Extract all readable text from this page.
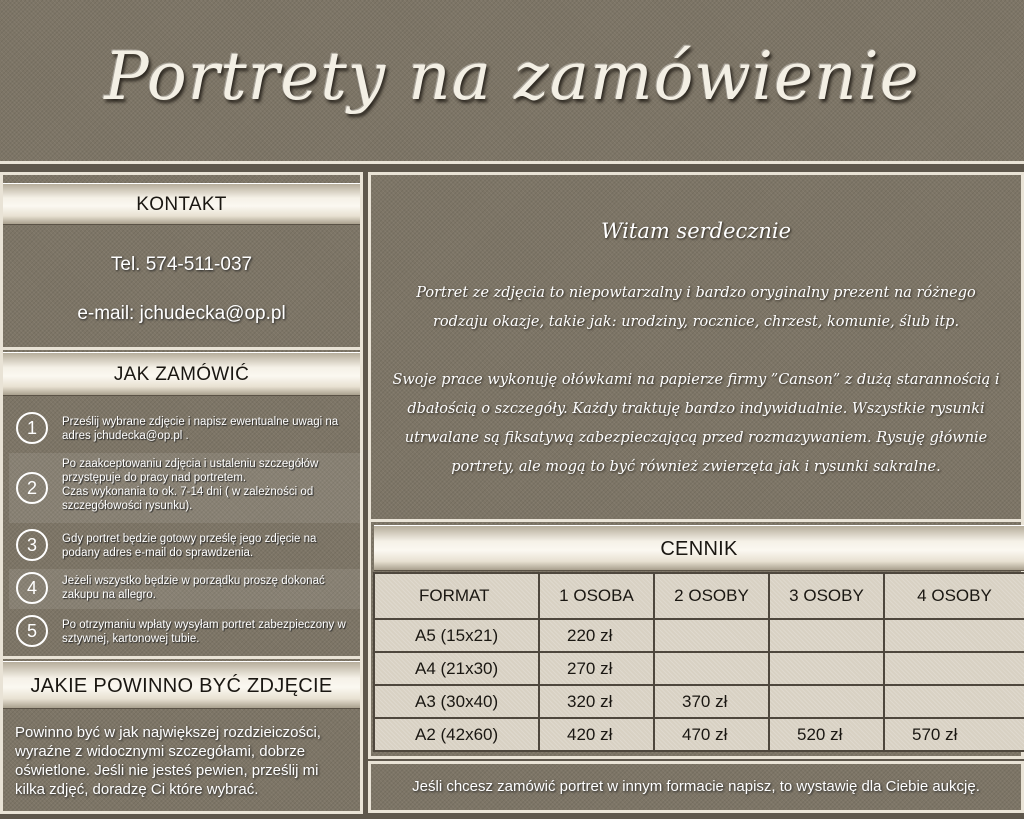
Portrety na zamówienie
KONTAKT
Tel. 574-511-037
e-mail: jchudecka@op.pl
JAK ZAMÓWIĆ
1	Prześlij wybrane zdjęcie i napisz ewentualne uwagi na adres jchudecka@op.pl .
2
Po zaakceptowaniu zdjęcia i ustaleniu szczegółów przystępuje do pracy nad portretem.
Czas wykonania to ok. 7-14 dni ( w zależności od szczegółowości rysunku).
3	Gdy portret będzie gotowy prześlę jego zdjęcie na podany adres e-mail do sprawdzenia.
4	Jeżeli wszystko będzie w porządku proszę dokonać zakupu na allegro.
5	Po otrzymaniu wpłaty wysyłam portret zabezpieczony w sztywnej, kartonowej tubie.
JAKIE POWINNO BYĆ ZDJĘCIE
Powinno być w jak największej rozdzieiczości, wyraźne z widocznymi szczegółami, dobrze oświetlone. Jeśli nie jesteś pewien, prześlij mi kilka zdjęć, doradzę Ci które wybrać.
Witam serdecznie
Portret ze zdjęcia to niepowtarzalny i bardzo oryginalny prezent na różnego rodzaju okazje, takie jak: urodziny, rocznice, chrzest, komunie, ślub itp.
Swoje prace wykonuję ołówkami na papierze firmy ”Canson” z dużą starannością i dbałością o szczegóły. Każdy traktuję bardzo indywidualnie. Wszystkie rysunki utrwalane są fiksatywą zabezpieczającą przed rozmazywaniem. Rysuję głównie portrety, ale mogą to być również zwierzęta jak i rysunki sakralne.
CENNIK
FORMAT	1 OSOBA	2 OSOBY	3 OSOBY	4 OSOBY
A5 (15x21)	220 zł			
A4 (21x30)	270 zł			
A3 (30x40)	320 zł	370 zł		
A2 (42x60)	420 zł	470 zł	520 zł	570 zł
Jeśli chcesz zamówić portret w innym formacie napisz, to wystawię dla Ciebie aukcję.
